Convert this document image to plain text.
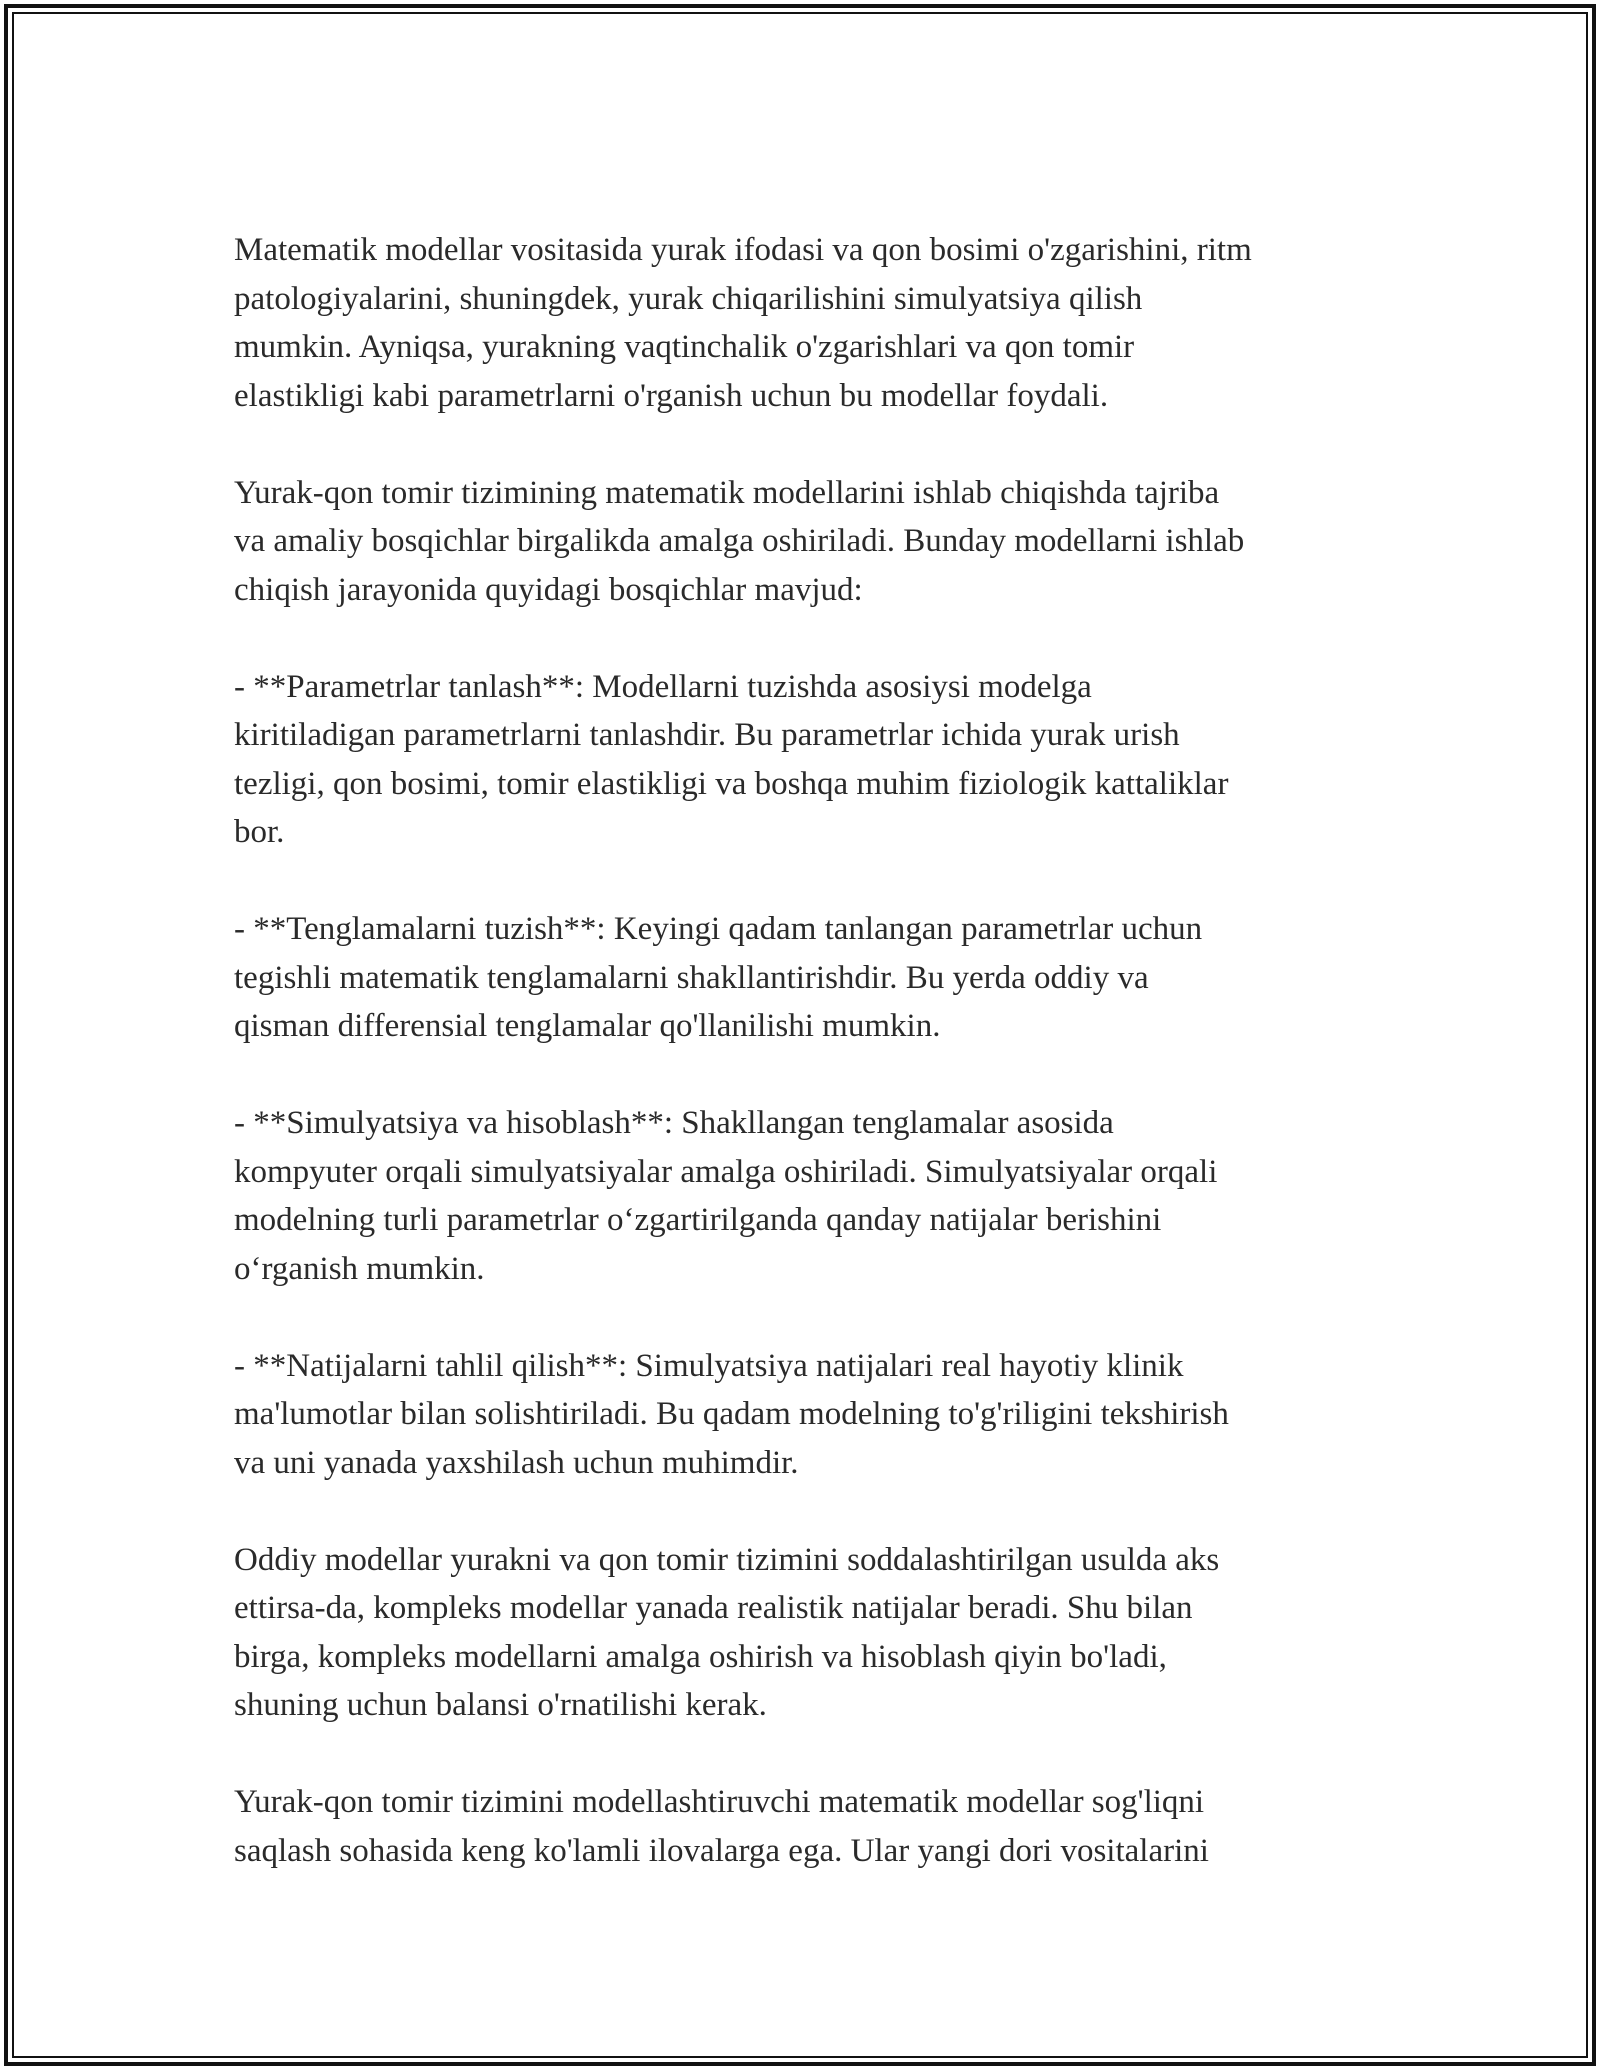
Matematik modellar vositasida yurak ifodasi va qon bosimi o'zgarishini, ritm
patologiyalarini, shuningdek, yurak chiqarilishini simulyatsiya qilish
mumkin. Ayniqsa, yurakning vaqtinchalik o'zgarishlari va qon tomir
elastikligi kabi parametrlarni o'rganish uchun bu modellar foydali.

Yurak-qon tomir tizimining matematik modellarini ishlab chiqishda tajriba
va amaliy bosqichlar birgalikda amalga oshiriladi. Bunday modellarni ishlab
chiqish jarayonida quyidagi bosqichlar mavjud:

- **Parametrlar tanlash**: Modellarni tuzishda asosiysi modelga
kiritiladigan parametrlarni tanlashdir. Bu parametrlar ichida yurak urish
tezligi, qon bosimi, tomir elastikligi va boshqa muhim fiziologik kattaliklar
bor.

- **Tenglamalarni tuzish**: Keyingi qadam tanlangan parametrlar uchun
tegishli matematik tenglamalarni shakllantirishdir. Bu yerda oddiy va
qisman differensial tenglamalar qo'llanilishi mumkin.

- **Simulyatsiya va hisoblash**: Shakllangan tenglamalar asosida
kompyuter orqali simulyatsiyalar amalga oshiriladi. Simulyatsiyalar orqali
modelning turli parametrlar o‘zgartirilganda qanday natijalar berishini
o‘rganish mumkin.

- **Natijalarni tahlil qilish**: Simulyatsiya natijalari real hayotiy klinik
ma'lumotlar bilan solishtiriladi. Bu qadam modelning to'g'riligini tekshirish
va uni yanada yaxshilash uchun muhimdir.

Oddiy modellar yurakni va qon tomir tizimini soddalashtirilgan usulda aks
ettirsa-da, kompleks modellar yanada realistik natijalar beradi. Shu bilan
birga, kompleks modellarni amalga oshirish va hisoblash qiyin bo'ladi,
shuning uchun balansi o'rnatilishi kerak.

Yurak-qon tomir tizimini modellashtiruvchi matematik modellar sog'liqni
saqlash sohasida keng ko'lamli ilovalarga ega. Ular yangi dori vositalarini
